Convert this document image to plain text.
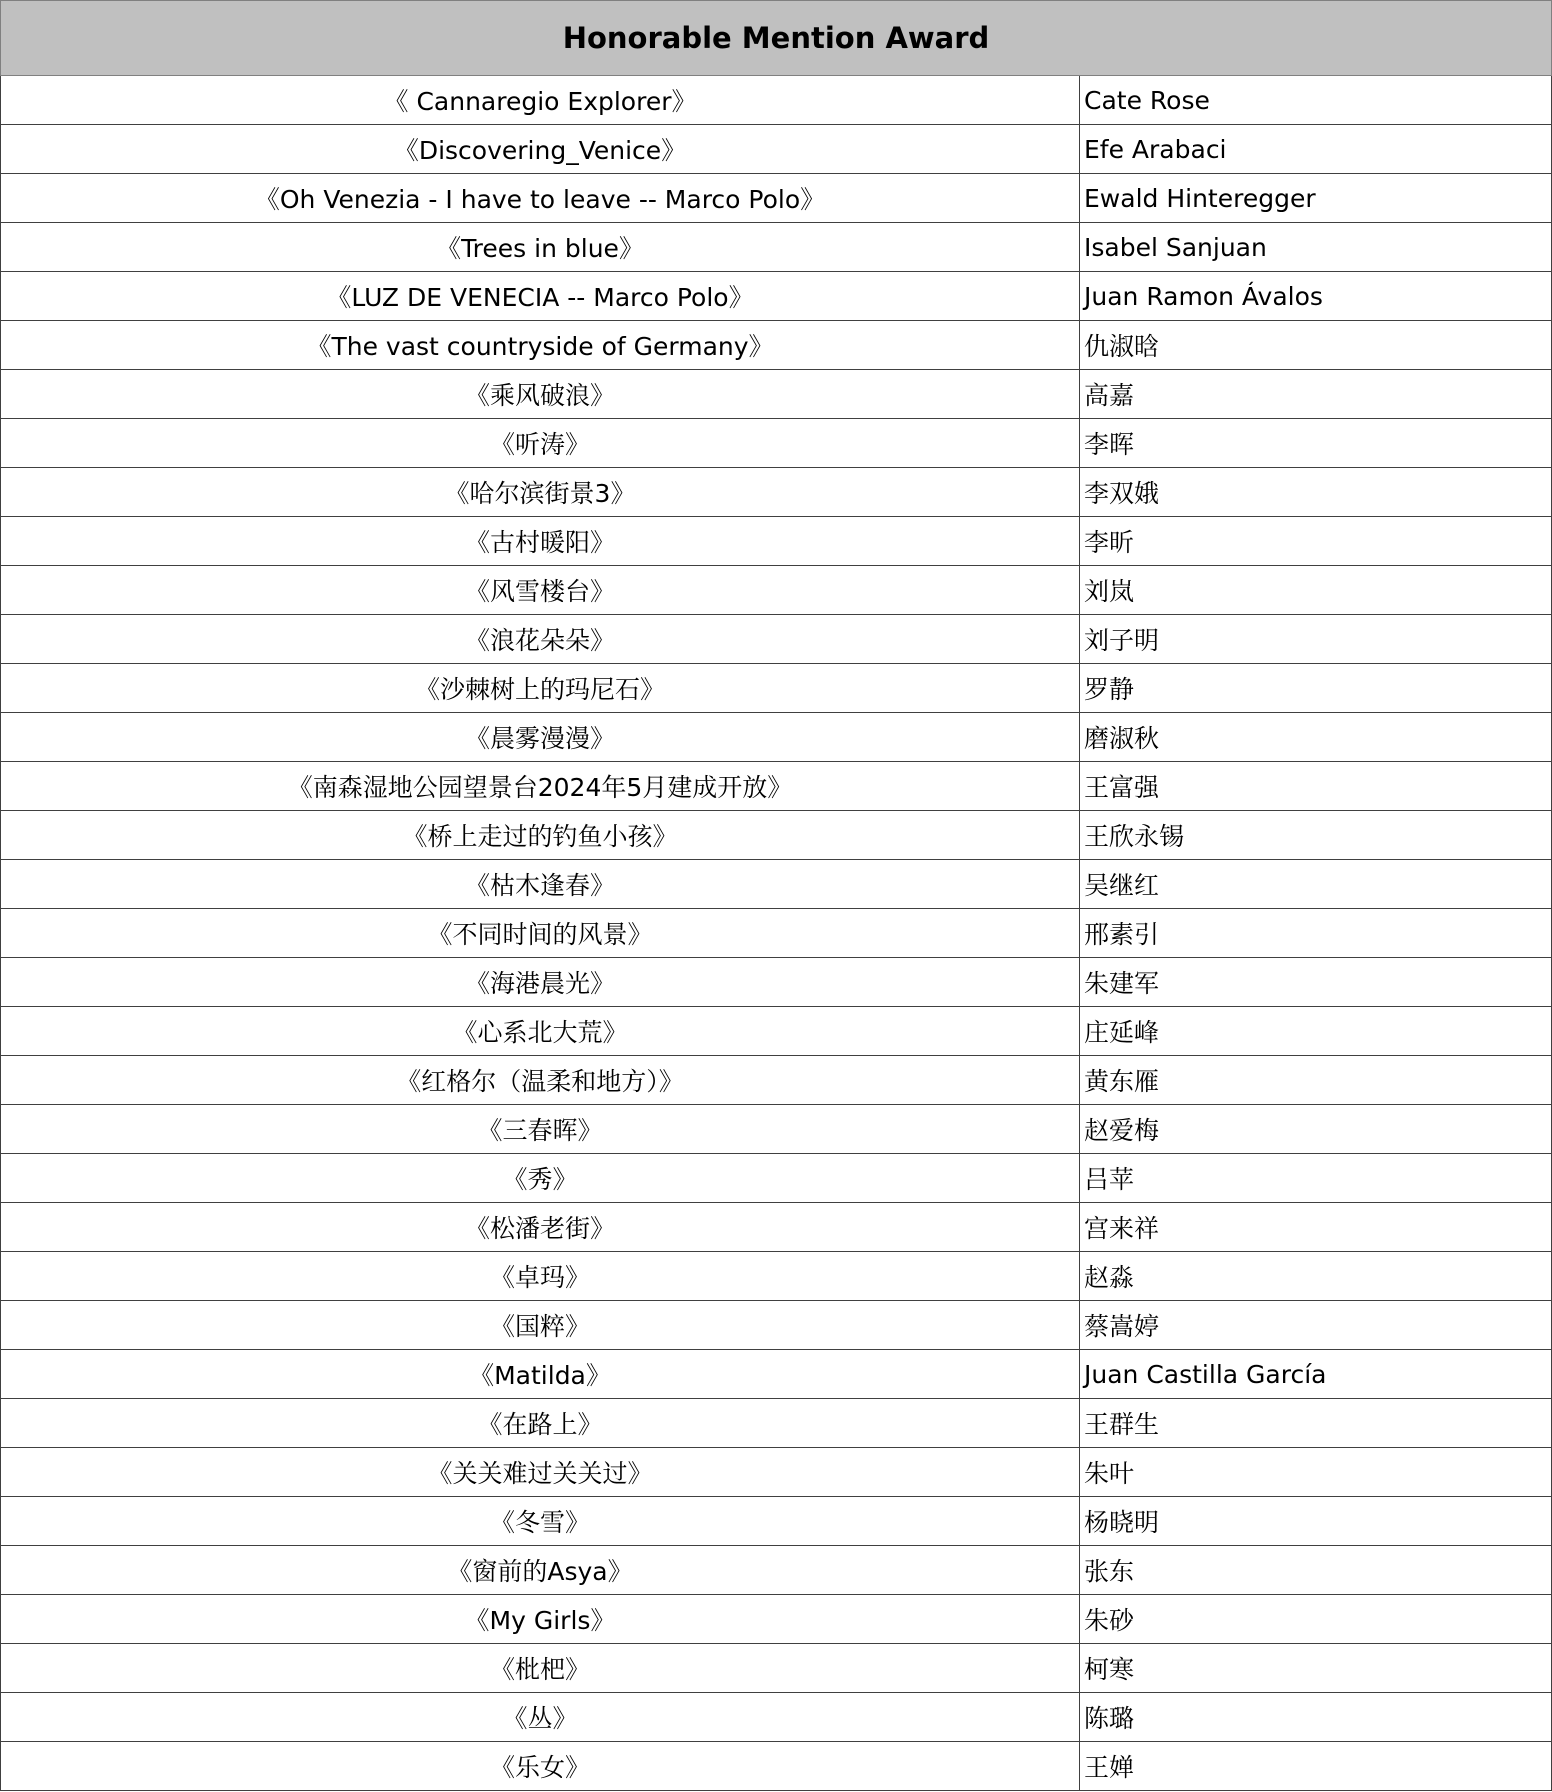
Honorable Mention Award	
《 Cannaregio Explorer》	Cate Rose
《Discovering_Venice》	Efe Arabaci
《Oh Venezia - I have to leave -- Marco Polo》	Ewald Hinteregger
《Trees in blue》	Isabel Sanjuan
《LUZ DE VENECIA -- Marco Polo》	Juan Ramon Ávalos
《The vast countryside of Germany》	仇淑晗
《乘风破浪》	高嘉
《听涛》	李晖
《哈尔滨街景3》	李双娥
《古村暖阳》	李昕
《风雪楼台》	刘岚
《浪花朵朵》	刘子明
《沙棘树上的玛尼石》	罗静
《晨雾漫漫》	磨淑秋
《南森湿地公园望景台2024年5月建成开放》	王富强
《桥上走过的钓鱼小孩》	王欣永锡
《枯木逢春》	吴继红
《不同时间的风景》	邢素引
《海港晨光》	朱建军
《心系北大荒》	庄延峰
《红格尔（温柔和地方）》	黄东雁
《三春晖》	赵爱梅
《秀》	吕苹
《松潘老街》	宫来祥
《卓玛》	赵淼
《国粹》	蔡嵩婷
《Matilda》	Juan Castilla García
《在路上》	王群生
《关关难过关关过》	朱叶
《冬雪》	杨晓明
《窗前的Asya》	张东
《My Girls》	朱砂
《枇杷》	柯寒
《丛》	陈璐
《乐女》	王婵
